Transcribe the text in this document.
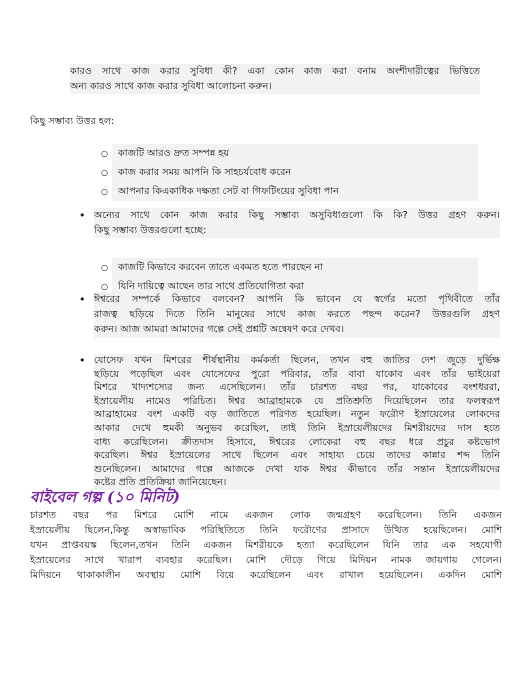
কারও সাথে কাজ করার সুবিধা কী? একা কোন কাজ করা বনাম অংশীদারীত্বের ভিত্তিতে

অন্য কারও সাথে কাজ করার সুবিধা আলোচনা করুন।

কিছু সম্ভাব্য উত্তর হল:

○ কাজটি আরও দ্রুত সম্পন্ন হয়
○ কাজ করার সময় আপনি কি সাহচর্যবোধ করেন
○ আপনার কিএকাধিক দক্ষতা সেট বা গিফটিংয়ের সুবিধা পান
• অন্যের সাথে কোন কাজ করার কিছু সম্ভাব্য অসুবিধাগুলো কি কি? উত্তর গ্রহণ করুন।

কিছু সম্ভাব্য উত্তরগুলো হচ্ছে:

○ কাজটি কিভাবে করবেন তাতে একমত হতে পারছেন না
○ যিনি দায়িত্বে আছেন তার সাথে প্রতিযোগিতা করা
• ঈশ্বরের সম্পর্কে কিভাবে বলবেন? আপনি কি ভাবেন যে স্বর্গের মতো পৃথিবীতে তাঁর

রাজত্ব ছড়িয়ে দিতে তিনি মানুষের সাথে কাজ করতে পছন্দ করেন? উত্তরগুলি গ্রহণ

করুন। আজ আমরা আমাদের গল্পে সেই প্রশ্নটি অন্বেষণ করে দেখব।

• যোসেফ যখন মিশরের শীর্ষস্থানীয় কর্মকর্তা ছিলেন, তখন বহু জাতির দেশ জুড়ে দুর্ভিক্ষ

ছড়িয়ে পড়েছিল এবং যোসেফের পুরো পরিবার, তাঁর বাবা যাকোব এবং তাঁর ভাইয়েরা

মিশরে খাদ্যশস্যের জন্য এসেছিলেন। তাঁর চারশত বছর পর, যাকোবের বংশধররা,

ইস্রায়েলীয় নামেও পরিচিত। ঈশ্বর আব্রাহামকে যে প্রতিশ্রুতি দিয়েছিলেন তার ফলস্বরূপ

আব্রাহামের বংশ একটি বড় জাতিতে পরিণত হয়েছিল। নতুন ফরৌণ ইস্রায়েলের লোকদের

আকার দেখে হুমকী অনুভব করেছিল, তাই তিনি ইস্রায়েলীয়দের মিশরীয়দের দাস হতে

বাধ্য করেছিলেন। ক্রীতদাস হিসাবে, ঈশ্বরের লোকেরা বহু বছর ধরে প্রচুর কষ্টভোগ

করেছিল। ঈশ্বর ইস্রায়েলের সাথে ছিলেন এবং সাহায্য চেয়ে তাদের কান্নার শব্দ তিনি

শুনেছিলেন। আমাদের গল্পে আজকে দেখা যাক ঈশ্বর কীভাবে তাঁর সন্তান ইস্রায়েলীয়দের

কষ্টের প্রতি প্রতিক্রিয়া জানিয়েছেন।

বাইবেল গল্প (১০ মিনিট)

চারশত বছর পর মিশরে মোশি নামে একজন লোক জন্মগ্রহণ করেছিলেন। তিনি একজন

ইস্রায়েলীয় ছিলেন,কিন্তু অস্বাভাবিক পরিস্থিতিতে তিনি ফরৌণের প্রাসাদে উত্থিত হয়েছিলেন। মোশি

যখন প্রাপ্তবয়স্ক ছিলেন,তখন তিনি একজন মিশরীয়কে হত্যা করেছিলেন যিনি তার এক সহযোগী

ইস্রায়েলের সাথে খারাপ ব্যবহার করেছিল। মোশি দৌড়ে গিয়ে মিদিয়ন নামক জায়গায় গেলেন।

মিদিয়নে থাকাকালীন অবস্থায় মোশি বিয়ে করেছিলেন এবং রাখাল হয়েছিলেন। একদিন মোশি
